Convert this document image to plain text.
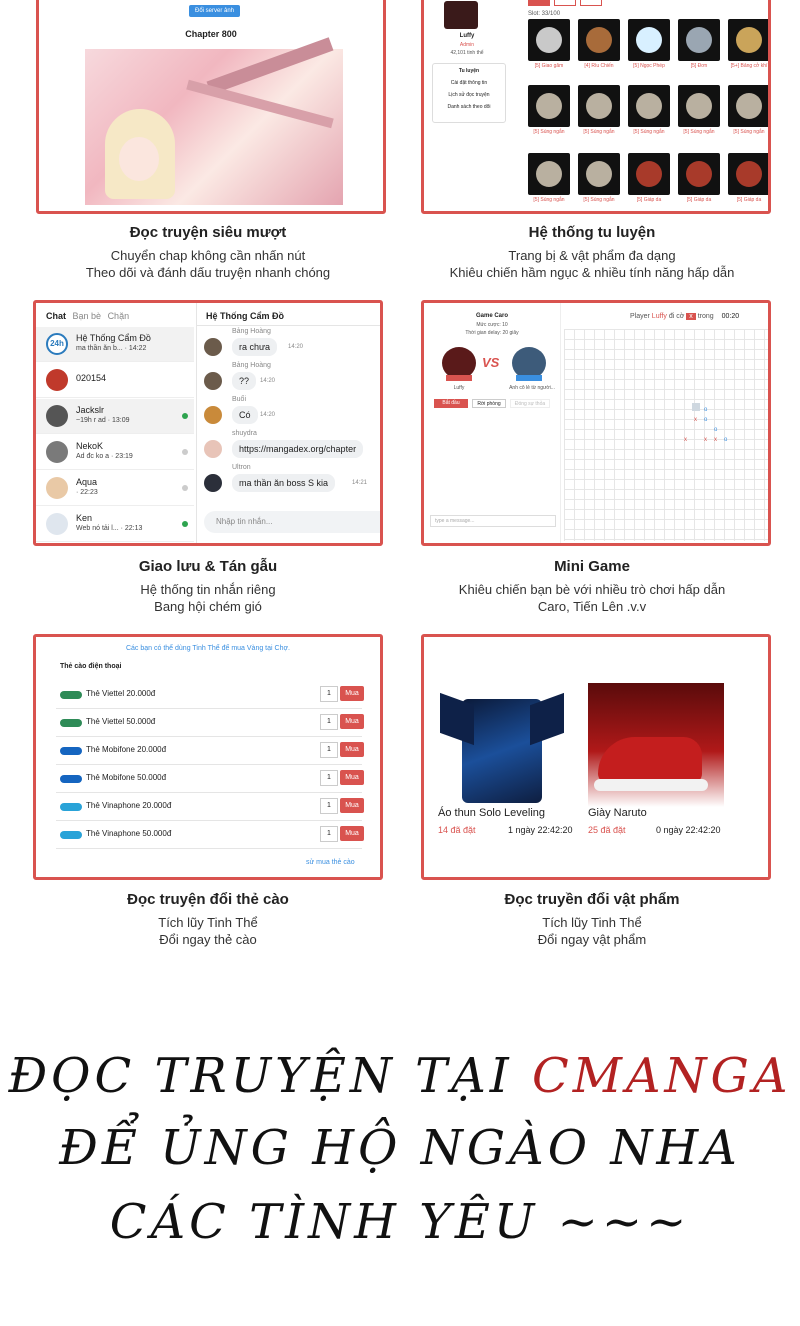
Đổi server ảnh
Chapter 800
Đọc truyện siêu mượt
Chuyển chap không cần nhấn nút
Theo dõi và đánh dấu truyện nhanh chóng
Luffy
Admin
42,101 tinh thể
Tu luyện
Cài đặt thông tin
Lịch sử đọc truyện
Danh sách theo dõi
Slot: 33/100
[5] Giao găm	[4] Rìu Chiến	[5] Ngọc Phép	[5] Đơn	[5+] Bảng cở khí
[5] Súng ngắn	[5] Súng ngắn	[5] Súng ngắn	[5] Súng ngắn	[5] Súng ngắn
[5] Súng ngắn	[5] Súng ngắn	[5] Giáp da	[5] Giáp da	[5] Giáp da
Hệ thống tu luyện
Trang bị & vật phẩm đa dạng
Khiêu chiến hầm ngục & nhiều tính năng hấp dẫn
Chat Bạn bè Chặn
24h
Hệ Thống Cẩm Đồ
ma thần ăn b... · 14:22
020154
Jackslr
~19h r ad · 13:09
NekoK
Ad đc ko a · 23:19
Aqua
· 22:23
Ken
Web nó tải l... · 22:13
Hệ Thống Cẩm Đồ
Bảng Hoàng
ra chưa	14:20
Bảng Hoàng
??	14:20
Buổi
Có	14:20
shuydra
https://mangadex.org/chapter
Ultron
ma thần ăn boss S kia	14:21
Nhập tin nhắn...
Giao lưu & Tán gẫu
Hệ thống tin nhắn riêng
Bang hội chém gió
Game Caro
Mức cược: 10
Thời gian delay: 20 giây
VS
Luffy	Anh cô lẻ từ người...
Bắt đầu	Rời phòng	Đóng sự thỏa
type a message...
Player Luffy đi cờ x trong 00:20
o
o
o
o
x
x
x x
Mini Game
Khiêu chiến bạn bè với nhiều trò chơi hấp dẫn
Caro, Tiến Lên .v.v
Các bạn có thể dùng Tinh Thể để mua Vàng tại Chợ.
Thẻ cào điện thoại
Thẻ Viettel 20.000đ	1	Mua
Thẻ Viettel 50.000đ	1	Mua
Thẻ Mobifone 20.000đ	1	Mua
Thẻ Mobifone 50.000đ	1	Mua
Thẻ Vinaphone 20.000đ	1	Mua
Thẻ Vinaphone 50.000đ	1	Mua
sử mua thẻ cào
Đọc truyện đổi thẻ cào
Tích lũy Tinh Thể
Đổi ngay thẻ cào
Áo thun Solo Leveling
14 đã đặt	1 ngày 22:42:20
Giày Naruto
25 đã đặt	0 ngày 22:42:20
Đọc truyền đổi vật phẩm
Tích lũy Tinh Thể
Đổi ngay vật phẩm
ĐỌC TRUYỆN TẠI CMANGA
ĐỂ ỦNG HỘ NGÀO NHA
CÁC TÌNH YÊU ~~~
